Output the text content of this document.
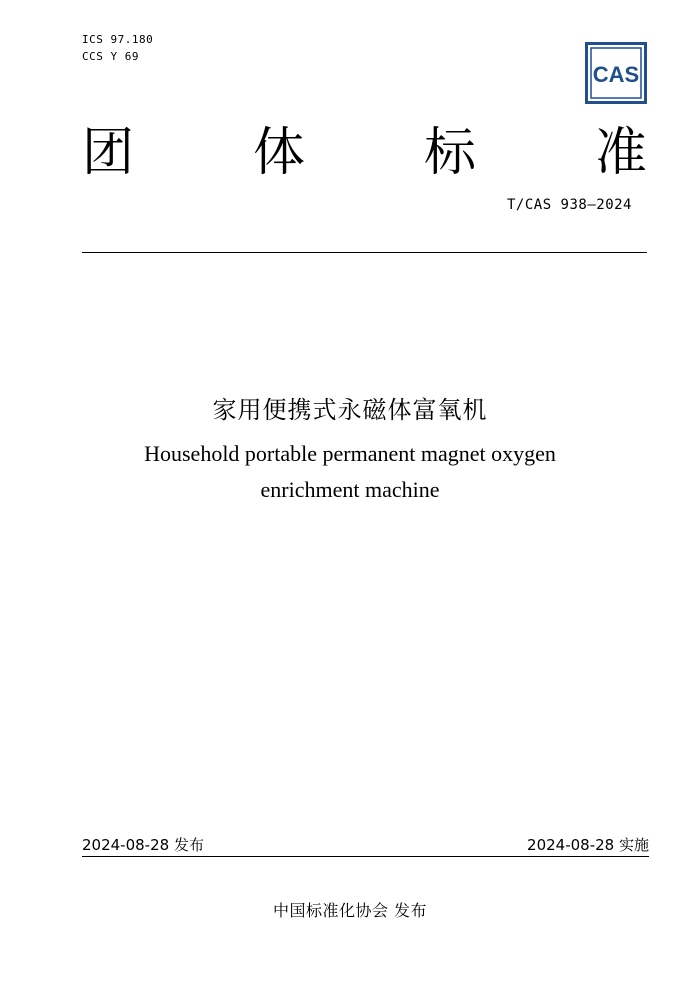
ICS 97.180
CCS Y 69
CAS
团 体 标 准
T/CAS 938—2024
家用便携式永磁体富氧机
Household portable permanent magnet oxygen
enrichment machine
2024-08-28 发布	2024-08-28 实施
中国标准化协会 发布
